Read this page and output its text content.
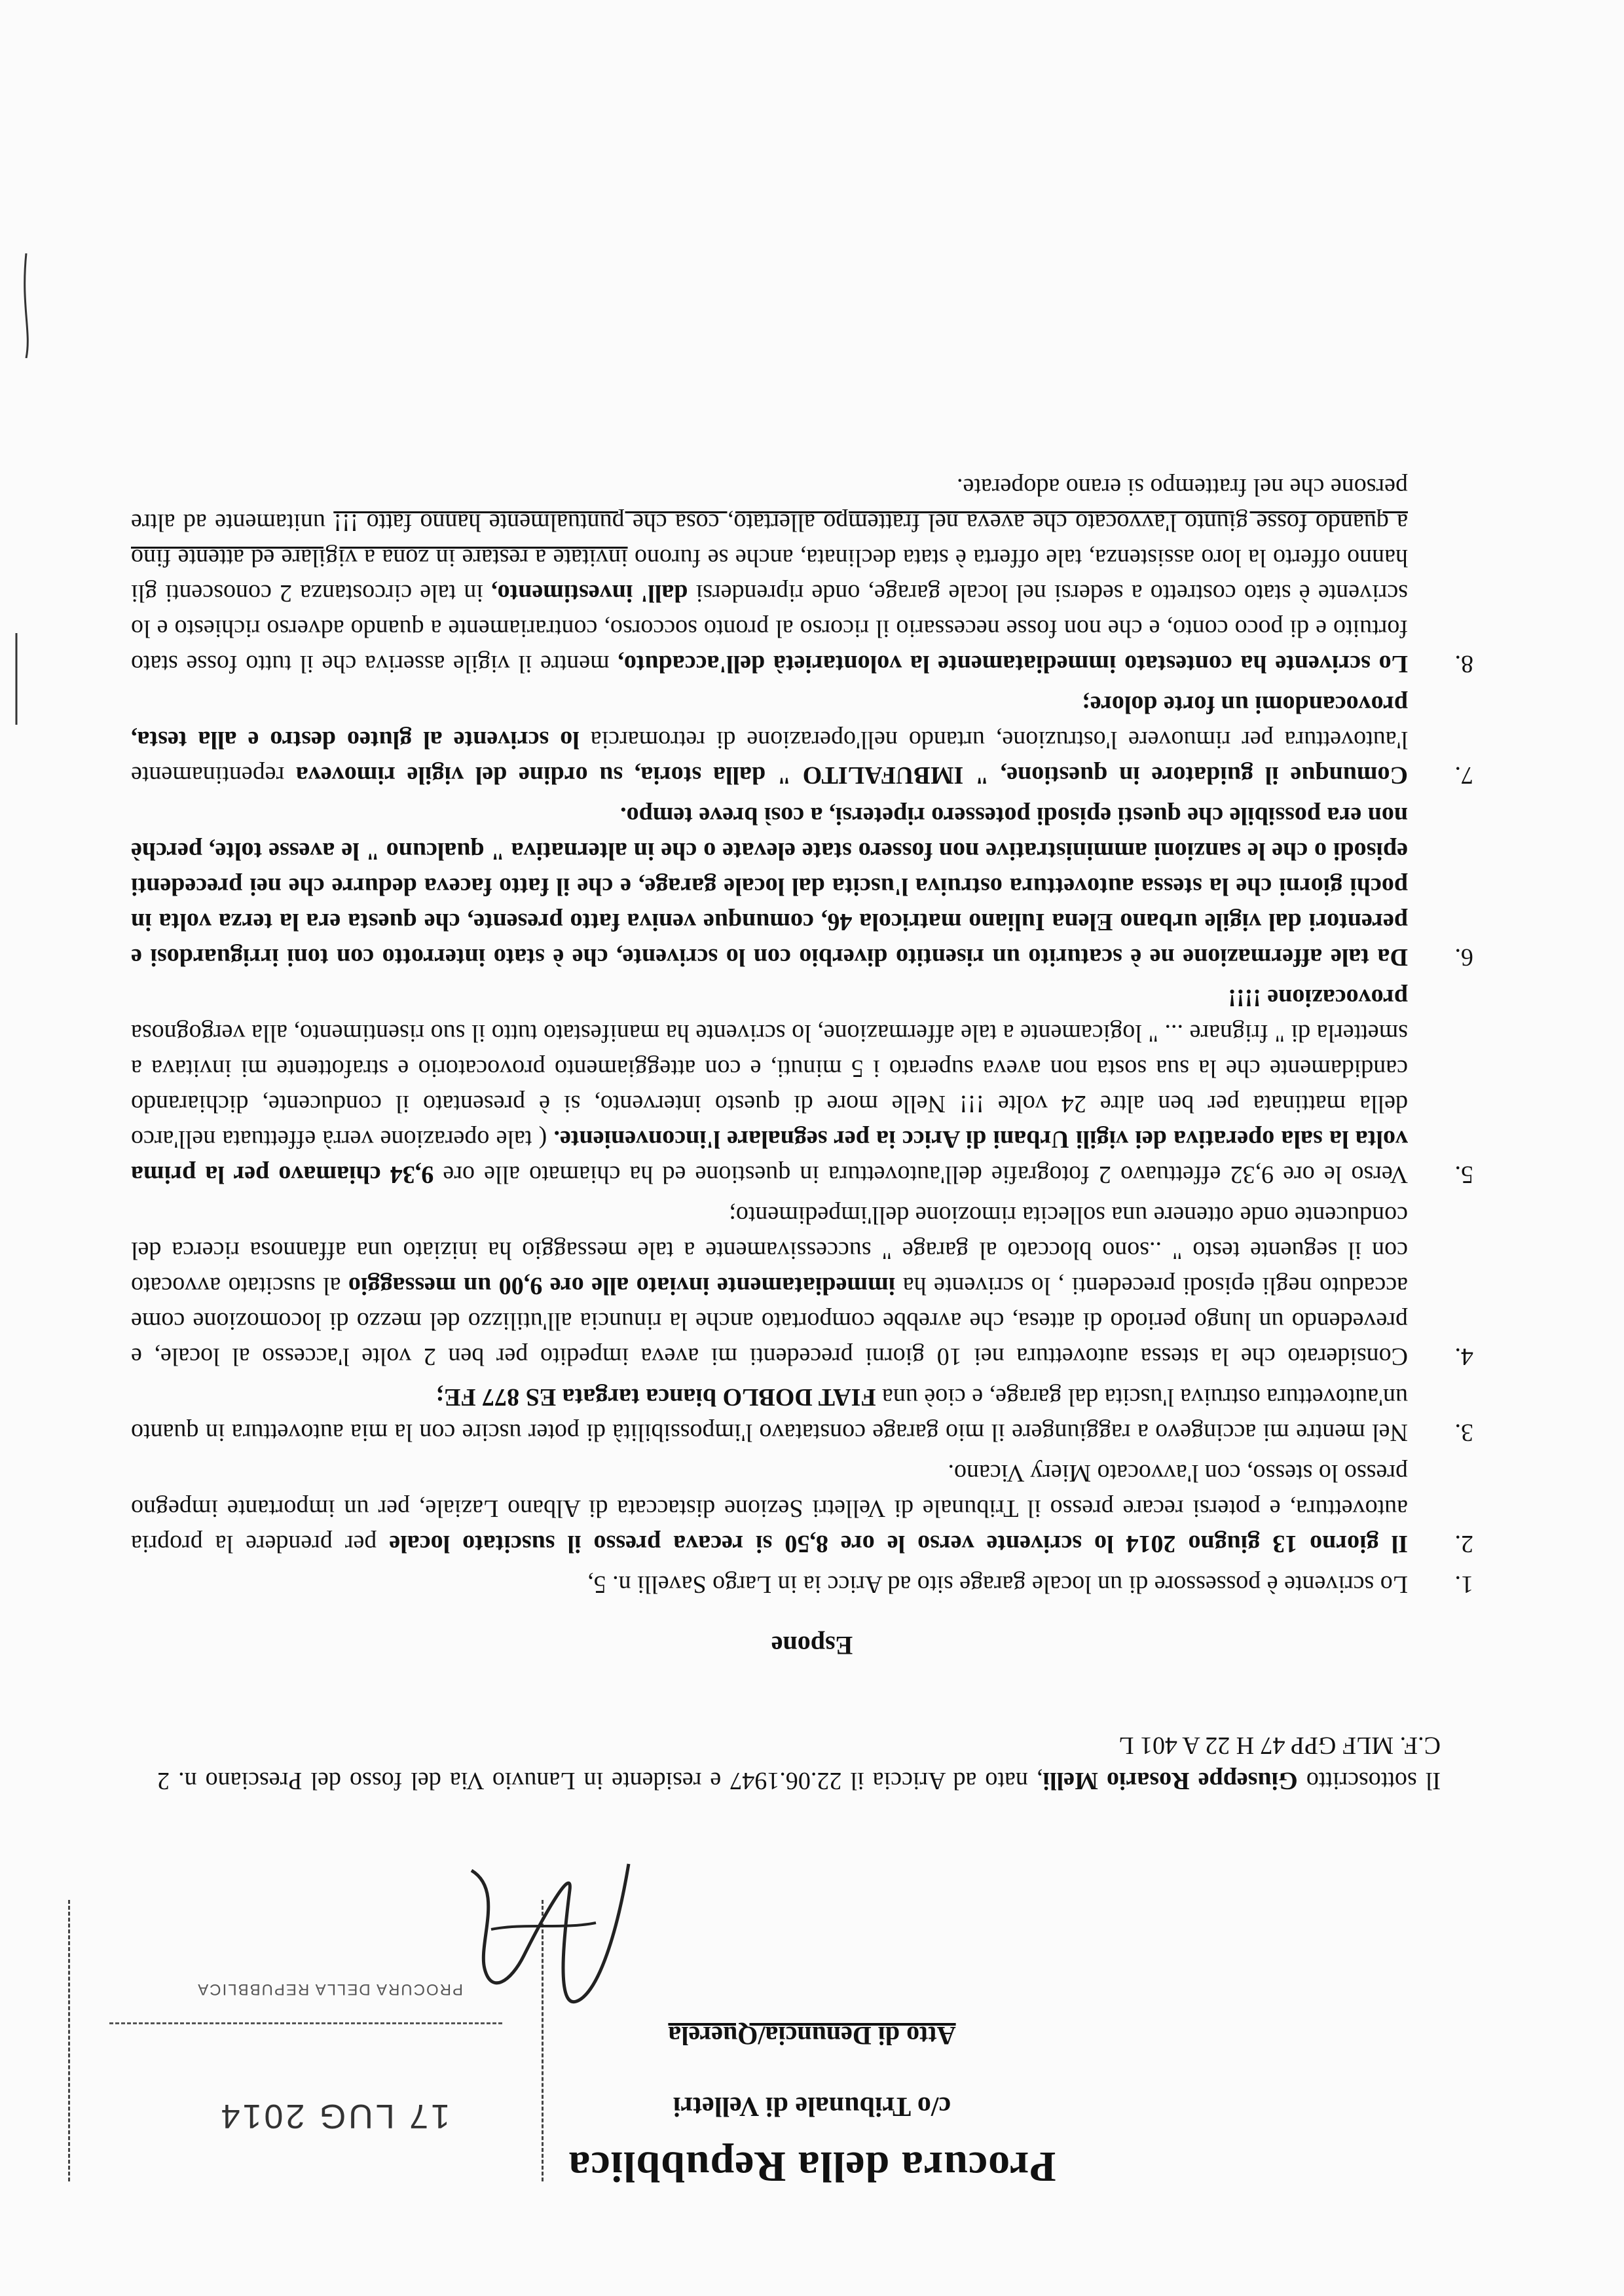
Procura della Repubblica
c/o Tribunale di Velletri
Atto di Denuncia/Querela
17 LUG 2014
PROCURA DELLA REPUBBLICA
Il sottoscritto Giuseppe Rosario Melli, nato ad Ariccia il 22.06.1947 e residente in Lanuvio Via del fosso del Presciano n. 2 C.F. MLF GPP 47 H 22 A 401 L
Espone
1.
Lo scrivente è possessore di un locale garage sito ad Aricc ia in Largo Savelli n. 5,
2.
Il giorno 13 giugno 2014 lo scrivente verso le ore 8,50 si recava presso il suscitato locale per prendere la propria autovettura, e potersi recare presso il Tribunale di Velletri Sezione distaccata di Albano Laziale, per un importante impegno presso lo stesso, con l'avvocato Miery Vicano.
3.
Nel mentre mi accingevo a raggiungere il mio garage constatavo l'impossibilità di poter uscire con la mia autovettura in quanto un'autovettura ostruiva l'uscita dal garage, e cioè una FIAT DOBLO bianca targata ES 877 FE;
4.
Considerato che la stessa autovettura nei 10 giorni precedenti mi aveva impedito per ben 2 volte l'accesso al locale, e prevedendo un lungo periodo di attesa, che avrebbe comportato anche la rinuncia all'utilizzo del mezzo di locomozione come accaduto negli episodi precedenti , lo scrivente ha immediatamente inviato alle ore 9,00 un messaggio al suscitato avvocato con il seguente testo " ..sono bloccato al garage " successivamente a tale messaggio ha iniziato una affannosa ricerca del conducente onde ottenere una sollecita rimozione dell'impedimento;
5.
Verso le ore 9,32 effettuavo 2 fotografie dell'autovettura in questione ed ha chiamato alle ore 9,34 chiamavo per la prima volta la sala operativa dei vigili Urbani di Aricc ia per segnalare l'inconveniente. ( tale operazione verrà effettuata nell'arco della mattinata per ben altre 24 volte !!! Nelle more di questo intervento, si è presentato il conducente, dichiarando candidamente che la sua sosta non aveva superato i 5 minuti, e con atteggiamento provocatorio e strafottente mi invitava a smetterla di " frignare ... " logicamente a tale affermazione, lo scrivente ha manifestato tutto il suo risentimento, alla vergognosa provocazione !!!!
6.
Da tale affermazione ne è scaturito un risentito diverbio con lo scrivente, che è stato interrotto con toni irriguardosi e perentori dal vigile urbano Elena Iuliano matricola 46, comunque veniva fatto presente, che questa era la terza volta in pochi giorni che la stessa autovettura ostruiva l'uscita dal locale garage, e che il fatto faceva dedurre che nei precedenti episodi o che le sanzioni amministrative non fossero state elevate o che in alternativa " qualcuno " le avesse tolte, perchè non era possibile che questi episodi potessero ripetersi, a così breve tempo.
7.
Comunque il guidatore in questione, " IMBUFALITO " dalla storia, su ordine del vigile rimoveva repentinamente l'autovettura per rimuovere l'ostruzione, urtando nell'operazione di retromarcia lo scrivente al gluteo destro e alla testa, provocandomi un forte dolore;
8.
Lo scrivente ha contestato immediatamente la volontarietà dell'accaduto, mentre il vigile asseriva che il tutto fosse stato fortuito e di poco conto, e che non fosse necessario il ricorso al pronto soccorso, contrariamente a quando adverso richiesto e lo scrivente è stato costretto a sedersi nel locale garage, onde riprendersi dall' investimento, in tale circostanza 2 conoscenti gli hanno offerto la loro assistenza, tale offerta è stata declinata, anche se furono invitate a restare in zona a vigilare ed attente fino a quando fosse giunto l'avvocato che aveva nel frattempo allertato, cosa che puntualmente hanno fatto !!! unitamente ad altre persone che nel frattempo si erano adoperate.
